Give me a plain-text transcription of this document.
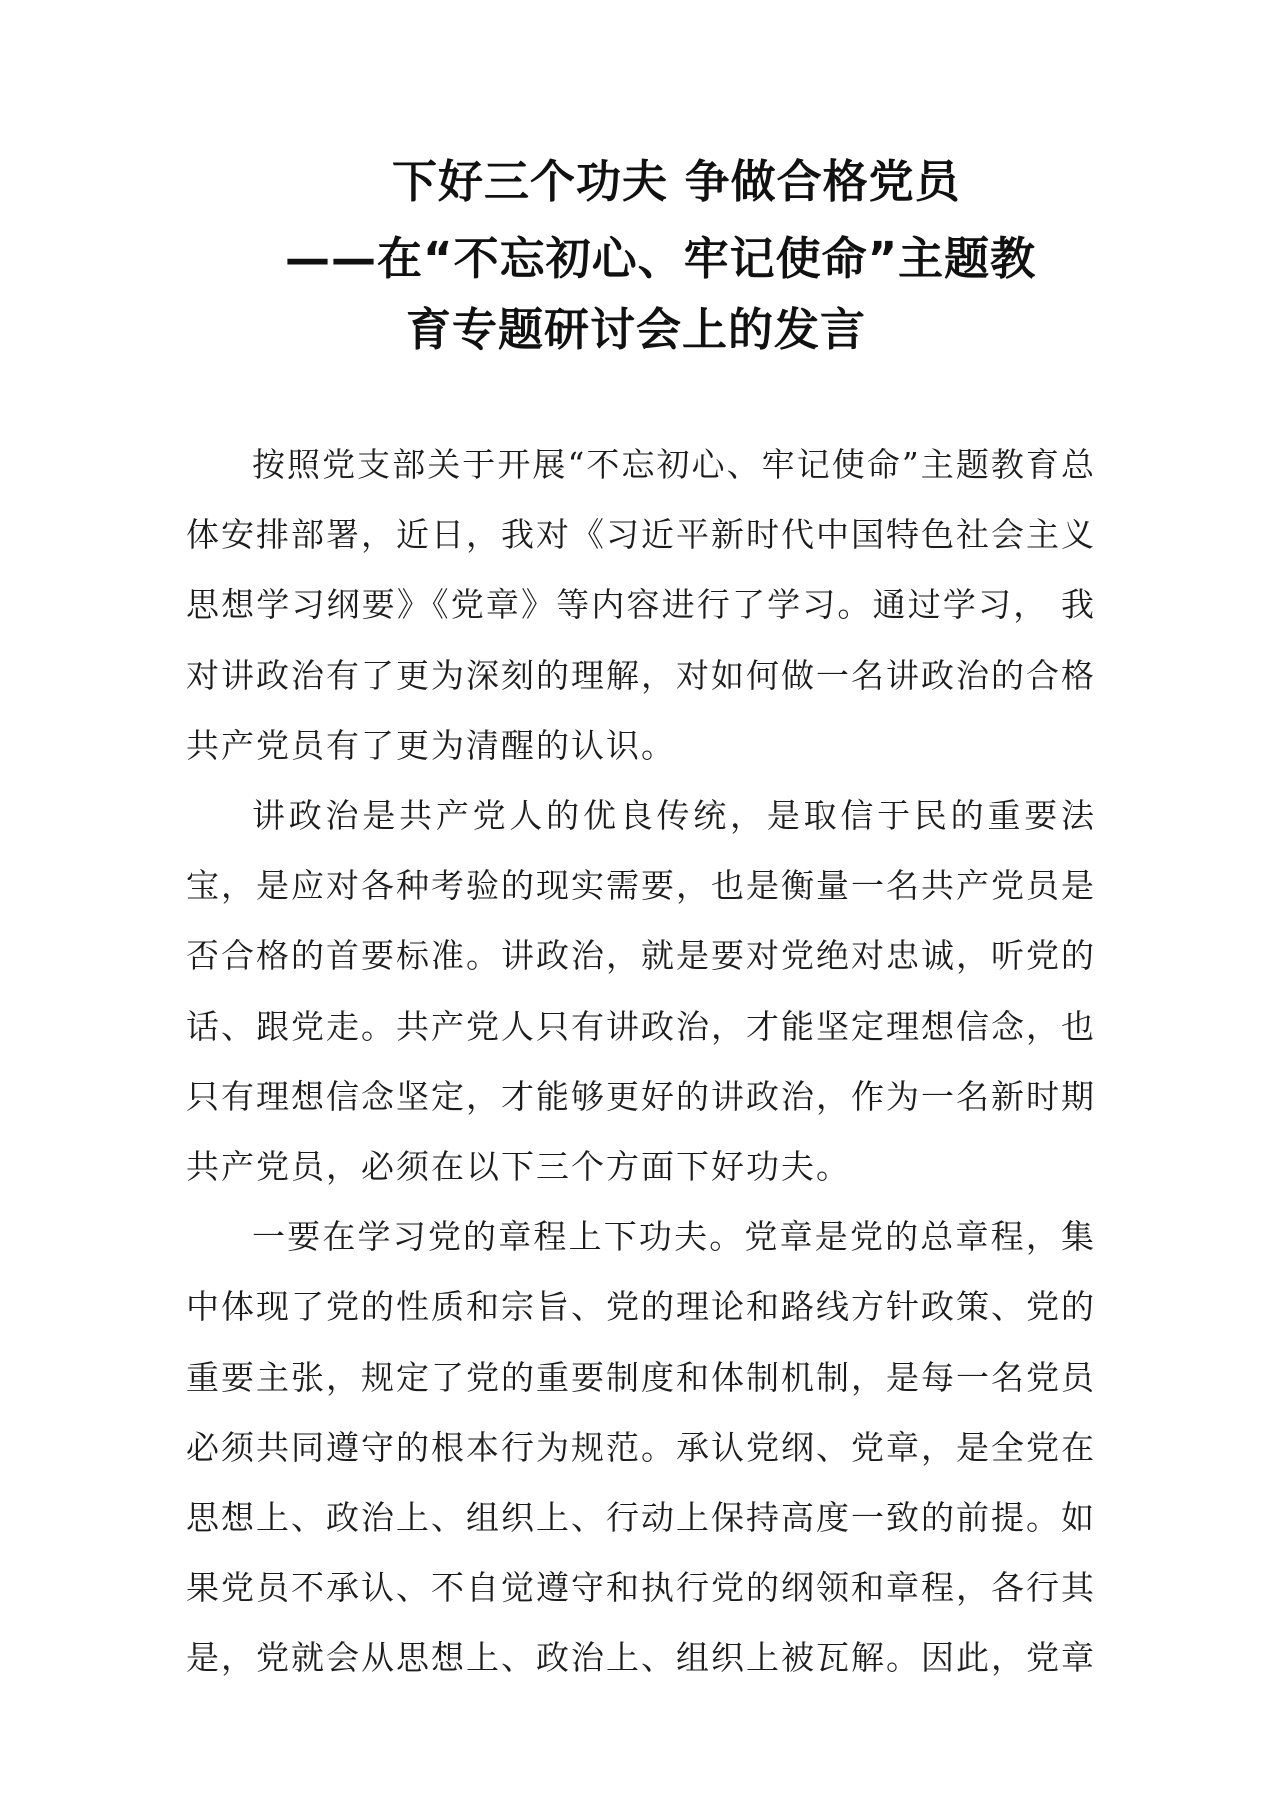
下好三个功夫 争做合格党员
——在“不忘初心、牢记使命”主题教
育专题研讨会上的发言

按照党支部关于开展“不忘初心、牢记使命”主题教育总体安排部署，近日，我对《习近平新时代中国特色社会主义思想学习纲要》《党章》等内容进行了学习。通过学习， 我对讲政治有了更为深刻的理解，对如何做一名讲政治的合格共产党员有了更为清醒的认识。

讲政治是共产党人的优良传统，是取信于民的重要法 宝，是应对各种考验的现实需要，也是衡量一名共产党员是 否合格的首要标准。讲政治，就是要对党绝对忠诚，听党的话、跟党走。共产党人只有讲政治，才能坚定理想信念，也 只有理想信念坚定，才能够更好的讲政治，作为一名新时期共产党员，必须在以下三个方面下好功夫。

一要在学习党的章程上下功夫。党章是党的总章程，集中体现了党的性质和宗旨、党的理论和路线方针政策、党的重要主张，规定了党的重要制度和体制机制，是每一名党员 必须共同遵守的根本行为规范。承认党纲、党章，是全党在 思想上、政治上、组织上、行动上保持高度一致的前提。如 果党员不承认、不自觉遵守和执行党的纲领和章程，各行其是，党就会从思想上、政治上、组织上被瓦解。因此，党章
